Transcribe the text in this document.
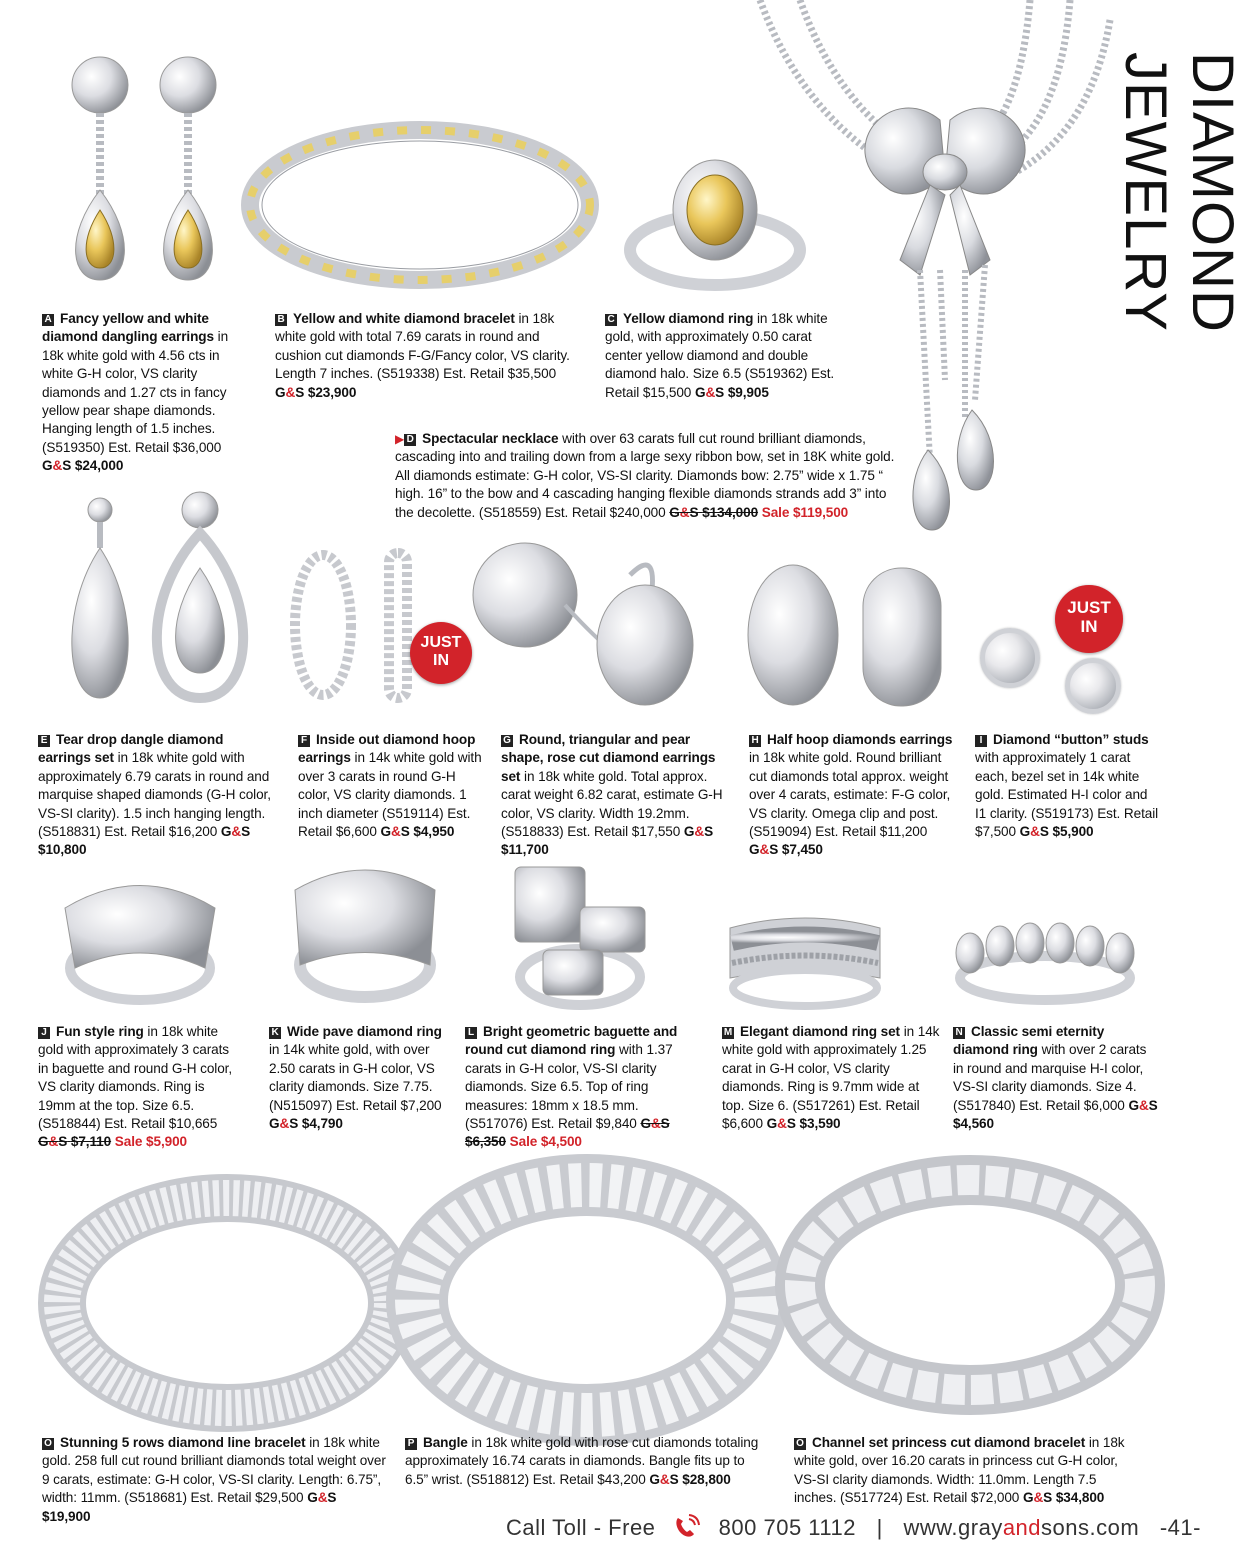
DIAMOND JEWELRY
A Fancy yellow and white diamond dangling earrings in 18k white gold with 4.56 cts in white G-H color, VS clarity diamonds and 1.27 cts in fancy yellow pear shape diamonds. Hanging length of 1.5 inches. (S519350) Est. Retail $36,000 G&S $24,000
B Yellow and white diamond bracelet in 18k white gold with total 7.69 carats in round and cushion cut diamonds F-G/Fancy color, VS clarity. Length 7 inches. (S519338) Est. Retail $35,500 G&S $23,900
C Yellow diamond ring in 18k white gold, with approximately 0.50 carat center yellow diamond and double diamond halo. Size 6.5 (S519362) Est. Retail $15,500 G&S $9,905
▶ D Spectacular necklace with over 63 carats full cut round brilliant diamonds, cascading into and trailing down from a large sexy ribbon bow, set in 18K white gold. All diamonds estimate: G-H color, VS-SI clarity. Diamonds bow: 2.75” wide x 1.75 “ high. 16” to the bow and 4 cascading hanging flexible diamonds strands add 3” into the decolette. (S518559) Est. Retail $240,000 G&S $134,000 Sale $119,500
JUST
IN
JUST
IN
E Tear drop dangle diamond earrings set in 18k white gold with approximately 6.79 carats in round and marquise shaped diamonds (G-H color, VS-SI clarity). 1.5 inch hanging length. (S518831) Est. Retail $16,200 G&S $10,800
F Inside out diamond hoop earrings in 14k white gold with over 3 carats in round G-H color, VS clarity diamonds. 1 inch diameter (S519114) Est. Retail $6,600 G&S $4,950
G Round, triangular and pear shape, rose cut diamond earrings set in 18k white gold. Total approx. carat weight 6.82 carat, estimate G-H color, VS clarity. Width 19.2mm. (S518833) Est. Retail $17,550 G&S $11,700
H Half hoop diamonds earrings in 18k white gold. Round brilliant cut diamonds total approx. weight over 4 carats, estimate: F-G color, VS clarity. Omega clip and post. (S519094) Est. Retail $11,200 G&S $7,450
I Diamond “button” studs with approximately 1 carat each, bezel set in 14k white gold. Estimated H-I color and I1 clarity. (S519173) Est. Retail $7,500 G&S $5,900
J Fun style ring in 18k white gold with approximately 3 carats in baguette and round G-H color, VS clarity diamonds. Ring is 19mm at the top. Size 6.5. (S518844) Est. Retail $10,665 G&S $7,110 Sale $5,900
K Wide pave diamond ring in 14k white gold, with over 2.50 carats in G-H color, VS clarity diamonds. Size 7.75. (N515097) Est. Retail $7,200 G&S $4,790
L Bright geometric baguette and round cut diamond ring with 1.37 carats in G-H color, VS-SI clarity diamonds. Size 6.5. Top of ring measures: 18mm x 18.5 mm. (S517076) Est. Retail $9,840 G&S $6,350 Sale $4,500
M Elegant diamond ring set in 14k white gold with approximately 1.25 carat in G-H color, VS clarity diamonds. Ring is 9.7mm wide at top. Size 6. (S517261) Est. Retail $6,600 G&S $3,590
N Classic semi eternity diamond ring with over 2 carats in round and marquise H-I color, VS-SI clarity diamonds. Size 4. (S517840) Est. Retail $6,000 G&S $4,560
O Stunning 5 rows diamond line bracelet in 18k white gold. 258 full cut round brilliant diamonds total weight over 9 carats, estimate: G-H color, VS-SI clarity. Length: 6.75”, width: 11mm. (S518681) Est. Retail $29,500 G&S $19,900
P Bangle in 18k white gold with rose cut diamonds totaling approximately 16.74 carats in diamonds. Bangle fits up to 6.5” wrist. (S518812) Est. Retail $43,200 G&S $28,800
O Channel set princess cut diamond bracelet in 18k white gold, over 16.20 carats in princess cut G-H color, VS-SI clarity diamonds. Width: 11.0mm. Length 7.5 inches. (S517724) Est. Retail $72,000 G&S $34,800
Call Toll - Free	800 705 1112 | www.grayandsons.com -41-
